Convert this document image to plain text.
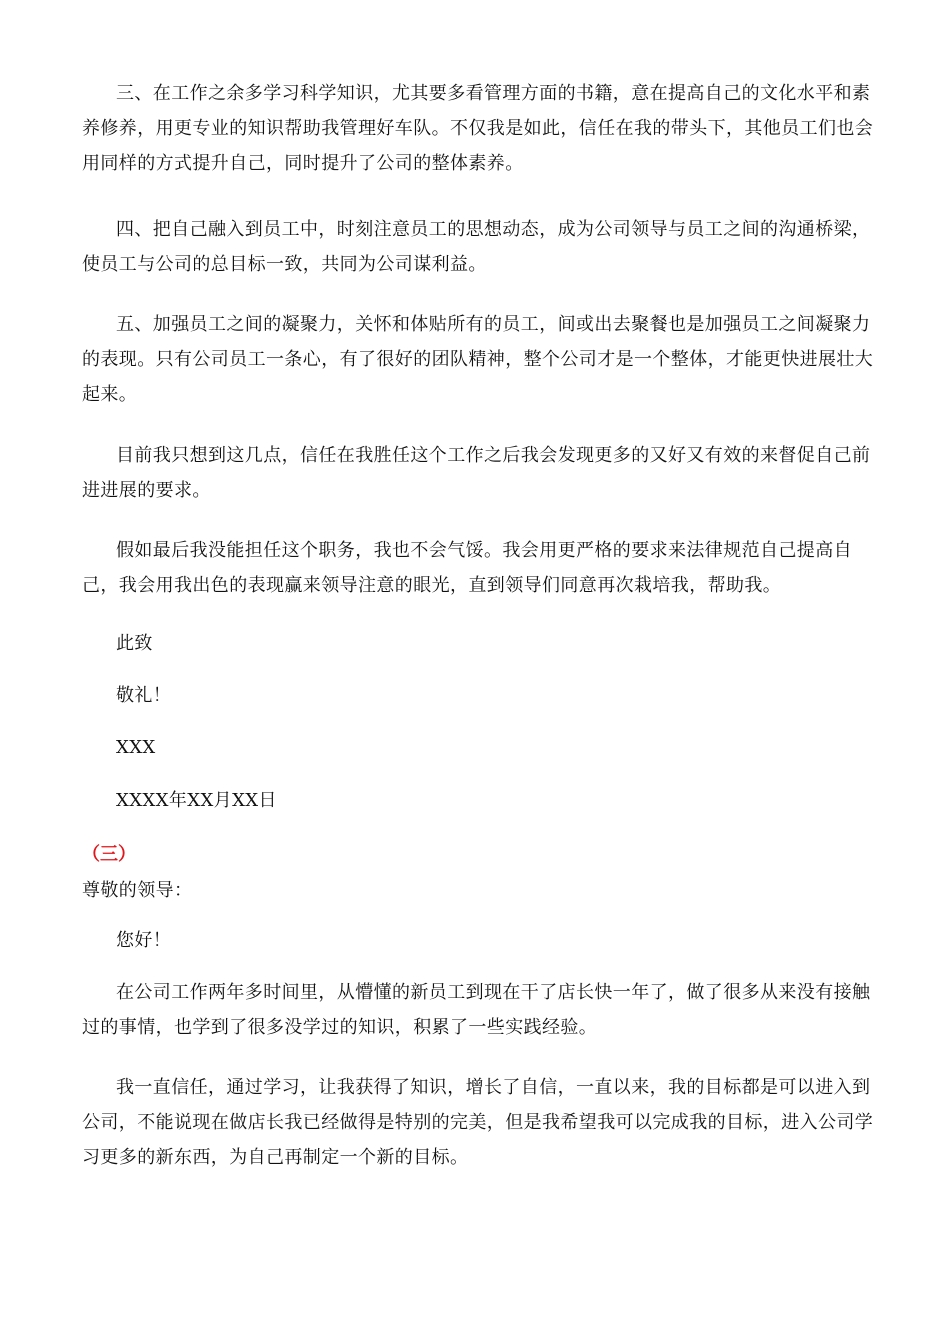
三、在工作之余多学习科学知识，尤其要多看管理方面的书籍，意在提高自己的文化水平和素
养修养，用更专业的知识帮助我管理好车队。不仅我是如此，信任在我的带头下，其他员工们也会
用同样的方式提升自己，同时提升了公司的整体素养。
四、把自己融入到员工中，时刻注意员工的思想动态，成为公司领导与员工之间的沟通桥梁，
使员工与公司的总目标一致，共同为公司谋利益。
五、加强员工之间的凝聚力，关怀和体贴所有的员工，间或出去聚餐也是加强员工之间凝聚力
的表现。只有公司员工一条心，有了很好的团队精神，整个公司才是一个整体，才能更快进展壮大
起来。
目前我只想到这几点，信任在我胜任这个工作之后我会发现更多的又好又有效的来督促自己前
进进展的要求。
假如最后我没能担任这个职务，我也不会气馁。我会用更严格的要求来法律规范自己提高自
己，我会用我出色的表现赢来领导注意的眼光，直到领导们同意再次栽培我，帮助我。

此致

敬礼！

XXX

XXXX年XX月XX日

（三）

尊敬的领导：

您好！

在公司工作两年多时间里，从懵懂的新员工到现在干了店长快一年了，做了很多从来没有接触
过的事情，也学到了很多没学过的知识，积累了一些实践经验。
我一直信任，通过学习，让我获得了知识，增长了自信，一直以来，我的目标都是可以进入到
公司，不能说现在做店长我已经做得是特别的完美，但是我希望我可以完成我的目标，进入公司学
习更多的新东西，为自己再制定一个新的目标。
